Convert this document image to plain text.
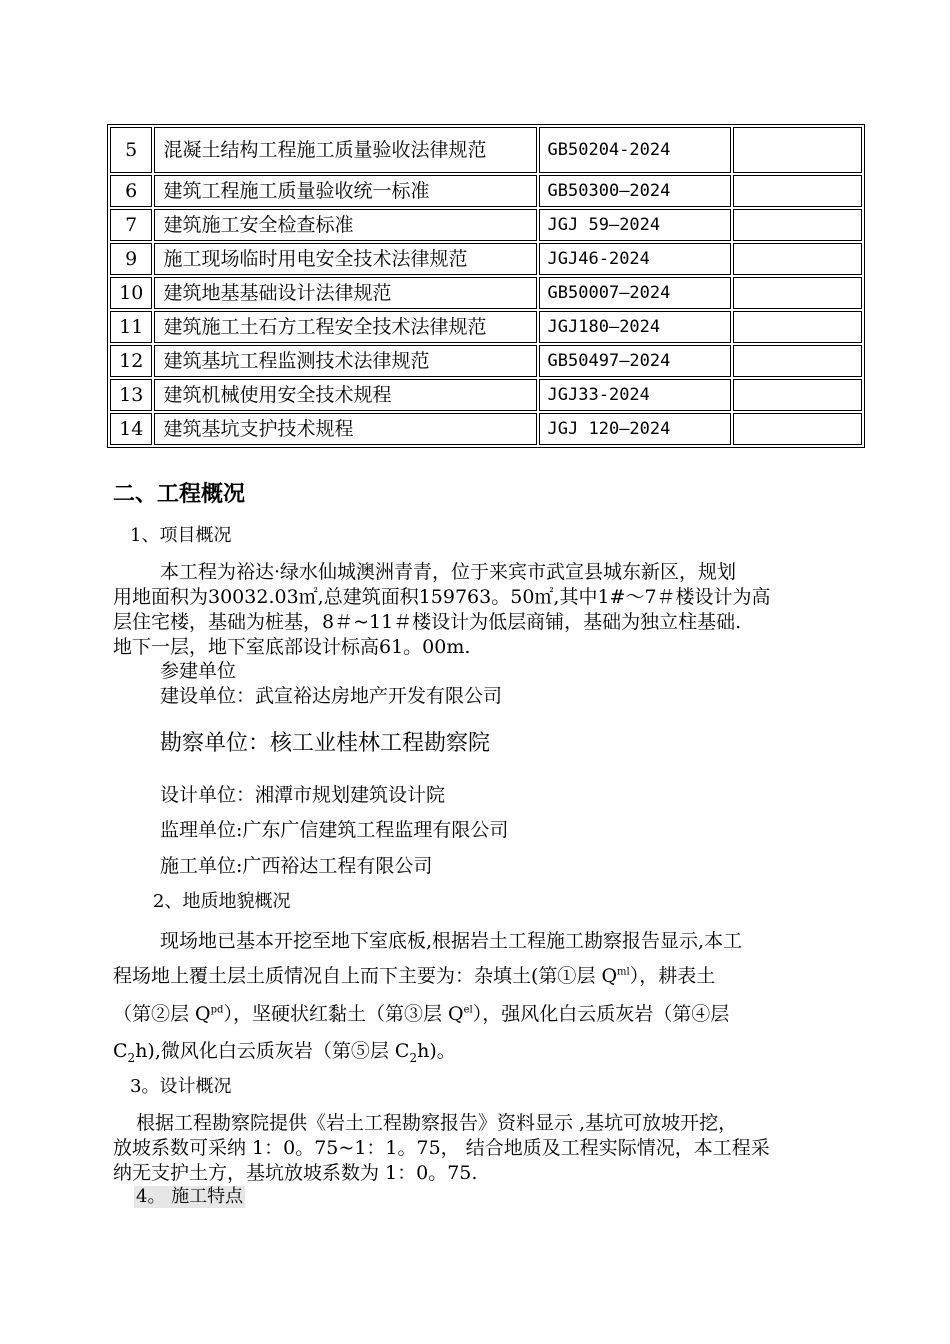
5	混凝土结构工程施工质量验收法律规范	GB50204-2024	
6	建筑工程施工质量验收统一标准	GB50300—2024	
7	建筑施工安全检查标准	JGJ 59—2024	
9	施工现场临时用电安全技术法律规范	JGJ46-2024	
10	建筑地基基础设计法律规范	GB50007—2024	
11	建筑施工土石方工程安全技术法律规范	JGJ180—2024	
12	建筑基坑工程监测技术法律规范	GB50497—2024	
13	建筑机械使用安全技术规程	JGJ33-2024	
14	建筑基坑支护技术规程	JGJ 120—2024	
二、工程概况
1、项目概况
本工程为裕达·绿水仙城澳洲青青，位于来宾市武宣县城东新区，规划
用地面积为30032.03㎡,总建筑面积159763。50㎡,其中1#～7＃楼设计为高
层住宅楼，基础为桩基，8＃~11＃楼设计为低层商铺，基础为独立柱基础.
地下一层，地下室底部设计标高61。00m.
参建单位
建设单位：武宣裕达房地产开发有限公司
勘察单位：核工业桂林工程勘察院
设计单位：湘潭市规划建筑设计院
监理单位:广东广信建筑工程监理有限公司
施工单位:广西裕达工程有限公司
2、地质地貌概况
现场地已基本开挖至地下室底板,根据岩土工程施工勘察报告显示,本工
程场地上覆土层土质情况自上而下主要为：杂填土(第①层 $Q^{ml}$），耕表土
（第②层 $Q^{pd}$），坚硬状红黏土（第③层 $Q^{el}$），强风化白云质灰岩（第④层
$C_2h$),微风化白云质灰岩（第⑤层 $C_2h$)。
3。设计概况
根据工程勘察院提供《岩土工程勘察报告》资料显示 ,基坑可放坡开挖，
放坡系数可采纳 1：0。75~1：1。75， 结合地质及工程实际情况，本工程采
纳无支护土方，基坑放坡系数为 1：0。75.
4。 施工特点
